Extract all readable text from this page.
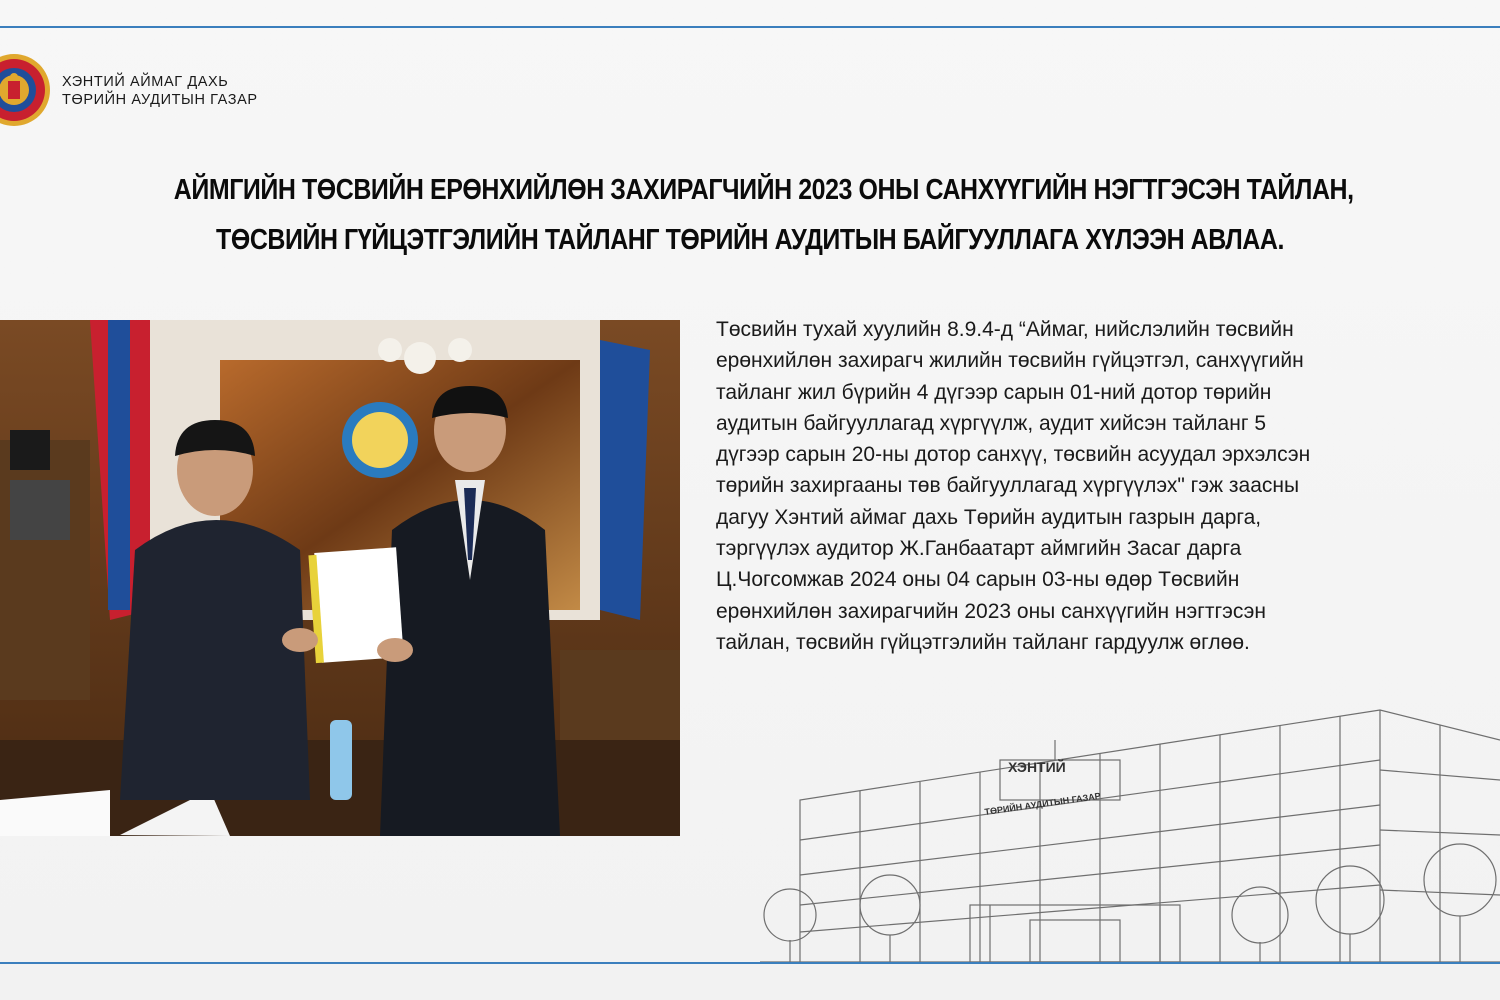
ХЭНТИЙ АЙМАГ ДАХЬ
ТӨРИЙН АУДИТЫН ГАЗАР
АЙМГИЙН ТӨСВИЙН ЕРӨНХИЙЛӨН ЗАХИРАГЧИЙН 2023 ОНЫ САНХҮҮГИЙН НЭГТГЭСЭН ТАЙЛАН,
ТӨСВИЙН ГҮЙЦЭТГЭЛИЙН ТАЙЛАНГ ТӨРИЙН АУДИТЫН БАЙГУУЛЛАГА ХҮЛЭЭН АВЛАА.
Төсвийн тухай хуулийн 8.9.4-д “Аймаг, нийслэлийн төсвийн
ерөнхийлөн захирагч жилийн төсвийн гүйцэтгэл, санхүүгийн
тайланг жил бүрийн 4 дүгээр сарын 01-ний дотор төрийн
аудитын байгууллагад хүргүүлж, аудит хийсэн тайланг 5
дүгээр сарын 20-ны дотор санхүү, төсвийн асуудал эрхэлсэн
төрийн захиргааны төв байгууллагад хүргүүлэх" гэж заасны
дагуу Хэнтий аймаг дахь Төрийн аудитын газрын дарга,
тэргүүлэх аудитор Ж.Ганбаатарт аймгийн Засаг дарга
Ц.Чогсомжав 2024 оны 04 сарын 03-ны өдөр Төсвийн
ерөнхийлөн захирагчийн 2023 оны санхүүгийн нэгтгэсэн
тайлан, төсвийн гүйцэтгэлийн тайланг гардуулж өглөө.
ХЭНТИЙ
ТӨРИЙН АУДИТЫН ГАЗАР
